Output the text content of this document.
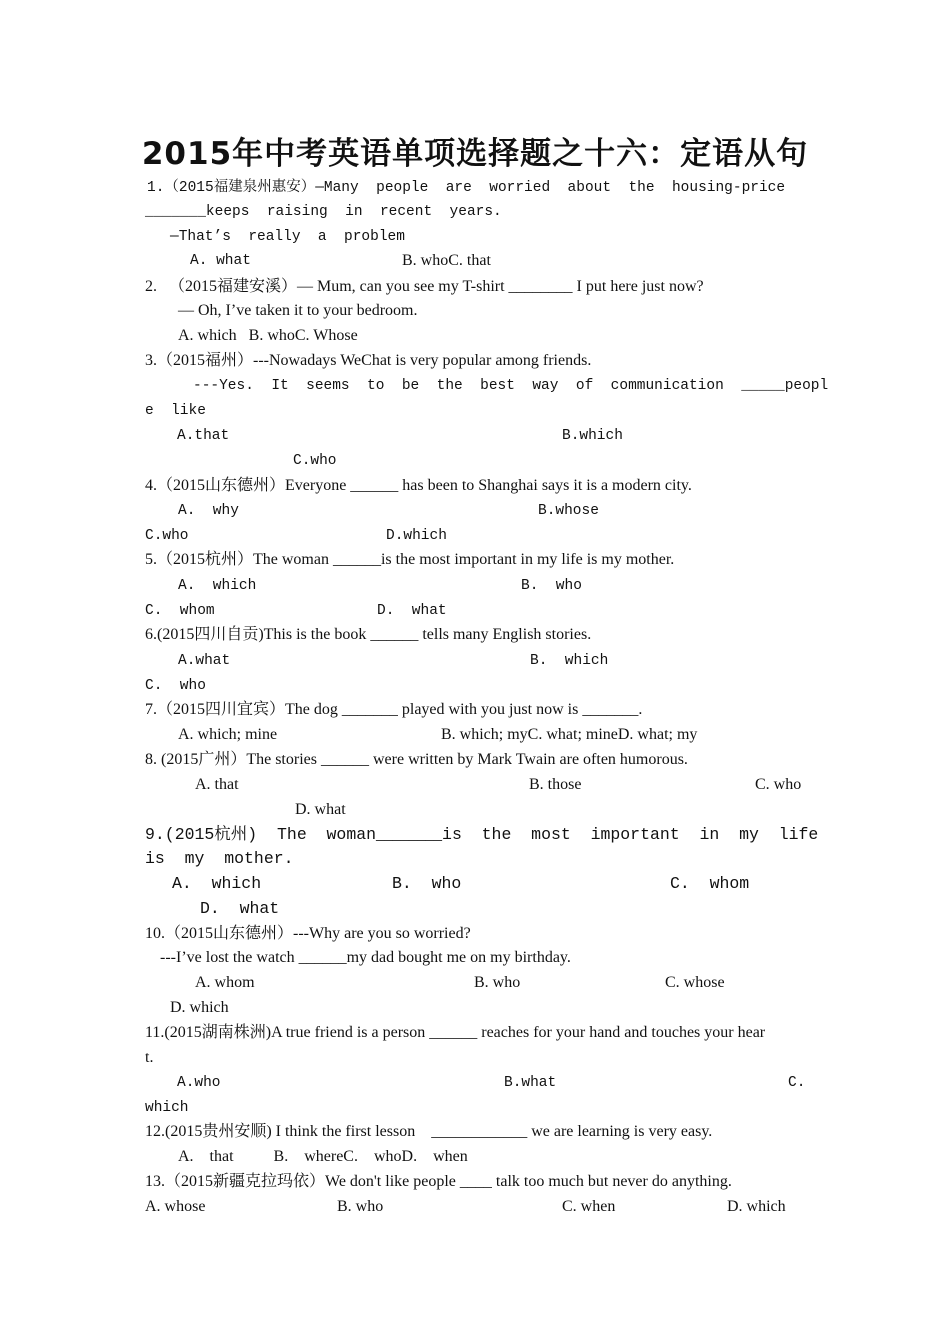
2015年中考英语单项选择题之十六：定语从句
1.（2015福建泉州惠安）—Many  people  are  worried  about  the  housing-price
_______keeps  raising  in  recent  years.
—That’s  really  a  problem
A. what	B. whoC. that
2.   （2015福建安溪）— Mum, can you see my T-shirt ________ I put here just now?
— Oh, I’ve taken it to your bedroom.
A. which   B. whoC. Whose
3.（2015福州）---Nowadays WeChat is very popular among friends.
---Yes.  It  seems  to  be  the  best  way  of  communication  _____peopl
e  like
A.that	B.which
C.who
4.（2015山东德州）Everyone ______ has been to Shanghai says it is a modern city.
A.  why	B.whose
C.who	D.which
5.（2015杭州）The woman ______is the most important in my life is my mother.
A.  which	B.  who
C.  whom	D.  what
6.(2015四川自贡)This is the book ______ tells many English stories.
A.what	B.  which
C.  who
7.（2015四川宜宾）The dog _______ played with you just now is _______.
A. which; mine	B. which; myC. what; mineD. what; my
8. (2015广州）The stories ______ were written by Mark Twain are often humorous.
A. that	B. those	C. who
D. what
9.(2015杭州)  The  woman________is  the  most  important  in  my  life
is  my  mother.
A.  which	B.  who	C.  whom
D.  what
10.（2015山东德州）---Why are you so worried?
---I’ve lost the watch ______my dad bought me on my birthday.
A. whom	B. who	C. whose
D. which
11.(2015湖南株洲)A true friend is a person ______ reaches for your hand and touches your hear
t.
A.who	B.what	C.
which
12.(2015贵州安顺) I think the first lesson    ____________ we are learning is very easy.
A.    that          B.    whereC.    whoD.    when
13.（2015新疆克拉玛依）We don't like people ____ talk too much but never do anything.
A. whose	B. who	C. when	D. which
